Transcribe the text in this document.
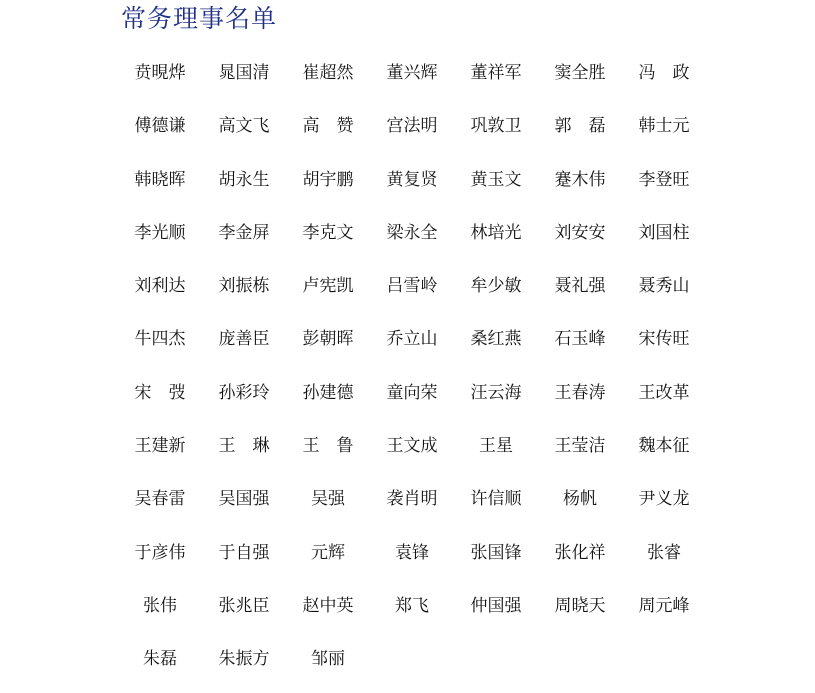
常务理事名单
贲晛烨	晁国清	崔超然	董兴辉	董祥军	窦全胜	冯　政
傅德谦	高文飞	高　赞	宫法明	巩敦卫	郭　磊	韩士元
韩晓晖	胡永生	胡宇鹏	黄复贤	黄玉文	蹇木伟	李登旺
李光顺	李金屏	李克文	梁永全	林培光	刘安安	刘国柱
刘利达	刘振栋	卢宪凯	吕雪岭	牟少敏	聂礼强	聂秀山
牛四杰	庞善臣	彭朝晖	乔立山	桑红燕	石玉峰	宋传旺
宋　弢	孙彩玲	孙建德	童向荣	汪云海	王春涛	王改革
王建新	王　琳	王　鲁	王文成	王星	王莹洁	魏本征
吴春雷	吴国强	吴强	袭肖明	许信顺	杨帆	尹义龙
于彦伟	于自强	元辉	袁锋	张国锋	张化祥	张睿
张伟	张兆臣	赵中英	郑飞	仲国强	周晓天	周元峰
朱磊	朱振方	邹丽
